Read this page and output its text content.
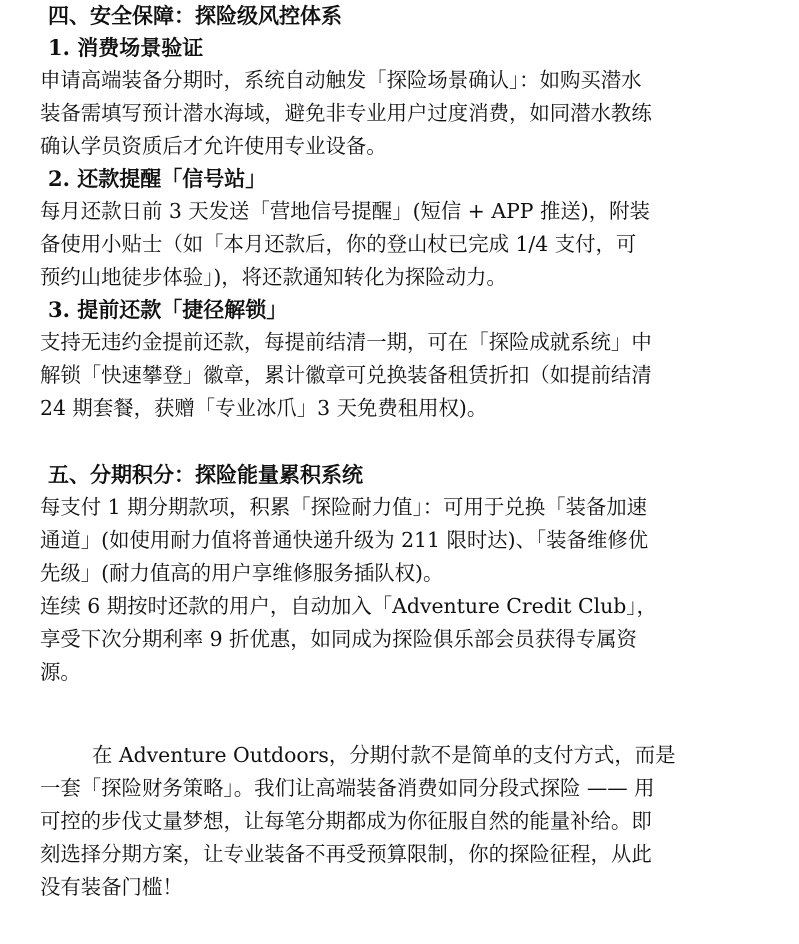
四、安全保障：探险级风控体系
1. 消费场景验证

申请高端装备分期时，系统自动触发「探险场景确认」：如购买潜水
装备需填写预计潜水海域，避免非专业用户过度消费，如同潜水教练
确认学员资质后才允许使用专业设备。

2. 还款提醒「信号站」

每月还款日前 3 天发送「营地信号提醒」(短信 + APP 推送)，附装
备使用小贴士（如「本月还款后，你的登山杖已完成 1/4 支付，可
预约山地徒步体验」)，将还款通知转化为探险动力。

3. 提前还款「捷径解锁」

支持无违约金提前还款，每提前结清一期，可在「探险成就系统」中
解锁「快速攀登」徽章，累计徽章可兑换装备租赁折扣（如提前结清
24 期套餐，获赠「专业冰爪」3 天免费租用权)。

五、分期积分：探险能量累积系统

每支付 1 期分期款项，积累「探险耐力值」：可用于兑换「装备加速
通道」(如使用耐力值将普通快递升级为 211 限时达)、「装备维修优
先级」(耐力值高的用户享维修服务插队权)。

连续 6 期按时还款的用户，自动加入「Adventure Credit Club」，
享受下次分期利率 9 折优惠，如同成为探险俱乐部会员获得专属资
源。

在 Adventure Outdoors，分期付款不是简单的支付方式，而是
一套「探险财务策略」。我们让高端装备消费如同分段式探险 —— 用
可控的步伐丈量梦想，让每笔分期都成为你征服自然的能量补给。即
刻选择分期方案，让专业装备不再受预算限制，你的探险征程，从此
没有装备门槛！
